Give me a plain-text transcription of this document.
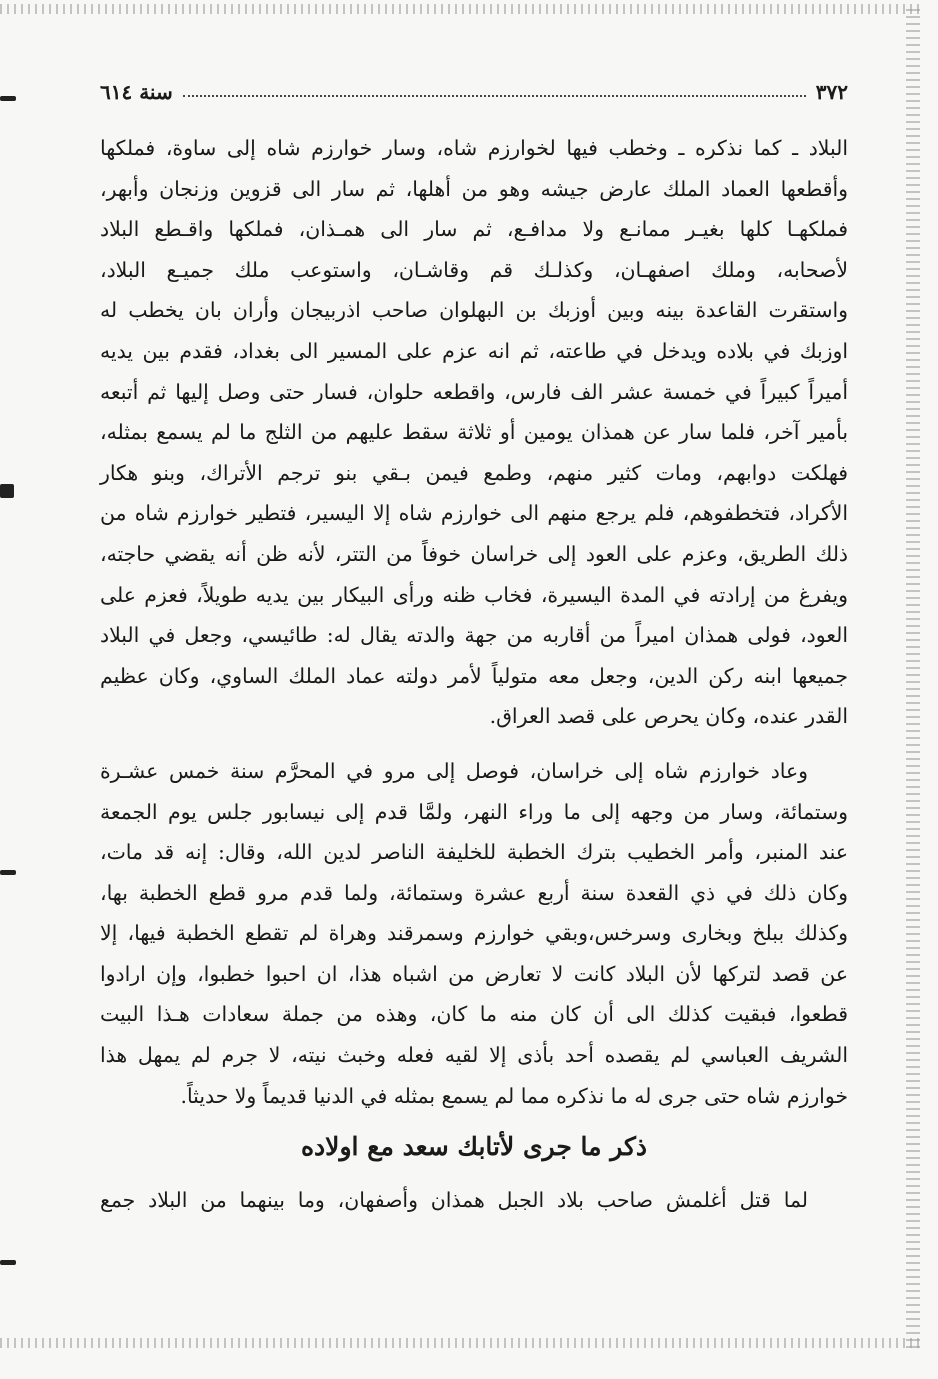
٣٧٢
سنة ٦١٤

البلاد ـ كما نذكره ـ وخطب فيها لخوارزم شاه، وسار خوارزم شاه إلى ساوة، فملكها
وأقطعها العماد الملك عارض جيشه وهو من أهلها، ثم سار الى قزوين وزنجان وأبهر،
فملكهـا كلها بغيـر ممانـع ولا مدافـع، ثم سار الى همـذان، فملكها واقـطع البلاد
لأصحابه، وملك اصفهـان، وكذلـك قم وقاشـان، واستوعب ملك جميـع البلاد،
واستقرت القاعدة بينه وبين أوزبك بن البهلوان صاحب اذربيجان وأران بان يخطب له
اوزبك في بلاده ويدخل في طاعته، ثم انه عزم على المسير الى بغداد، فقدم بين يديه
أميراً كبيراً في خمسة عشر الف فارس، واقطعه حلوان، فسار حتى وصل إليها ثم أتبعه
بأمير آخر، فلما سار عن همذان يومين أو ثلاثة سقط عليهم من الثلج ما لم يسمع بمثله،
فهلكت دوابهم، ومات كثير منهم، وطمع فيمن بـقي بنو ترجم الأتراك، وبنو هكار
الأكراد، فتخطفوهم، فلم يرجع منهم الى خوارزم شاه إلا اليسير، فتطير خوارزم شاه من
ذلك الطريق، وعزم على العود إلى خراسان خوفاً من التتر، لأنه ظن أنه يقضي حاجته،
ويفرغ من إرادته في المدة اليسيرة، فخاب ظنه ورأى البيكار بين يديه طويلاً، فعزم على
العود، فولى همذان اميراً من أقاربه من جهة والدته يقال له: طائيسي، وجعل في البلاد
جميعها ابنه ركن الدين، وجعل معه متولياً لأمر دولته عماد الملك الساوي، وكان عظيم
القدر عنده، وكان يحرص على قصد العراق.

وعاد خوارزم شاه إلى خراسان، فوصل إلى مرو في المحرَّم سنة خمس عشـرة
وستمائة، وسار من وجهه إلى ما وراء النهر، ولمَّا قدم إلى نيسابور جلس يوم الجمعة
عند المنبر، وأمر الخطيب بترك الخطبة للخليفة الناصر لدين الله، وقال: إنه قد مات،
وكان ذلك في ذي القعدة سنة أربع عشرة وستمائة، ولما قدم مرو قطع الخطبة بها،
وكذلك ببلخ وبخارى وسرخس،وبقي خوارزم وسمرقند وهراة لم تقطع الخطبة فيها، إلا
عن قصد لتركها لأن البلاد كانت لا تعارض من اشباه هذا، ان احبوا خطبوا، وإن ارادوا
قطعوا، فبقيت كذلك الى أن كان منه ما كان، وهذه من جملة سعادات هـذا البيت
الشريف العباسي لم يقصده أحد بأذى إلا لقيه فعله وخبث نيته، لا جرم لم يمهل هذا
خوارزم شاه حتى جرى له ما نذكره مما لم يسمع بمثله في الدنيا قديماً ولا حديثاً.

ذكر ما جرى لأتابك سعد مع اولاده

لما قتل أغلمش صاحب بلاد الجبل همذان وأصفهان، وما بينهما من البلاد جمع
